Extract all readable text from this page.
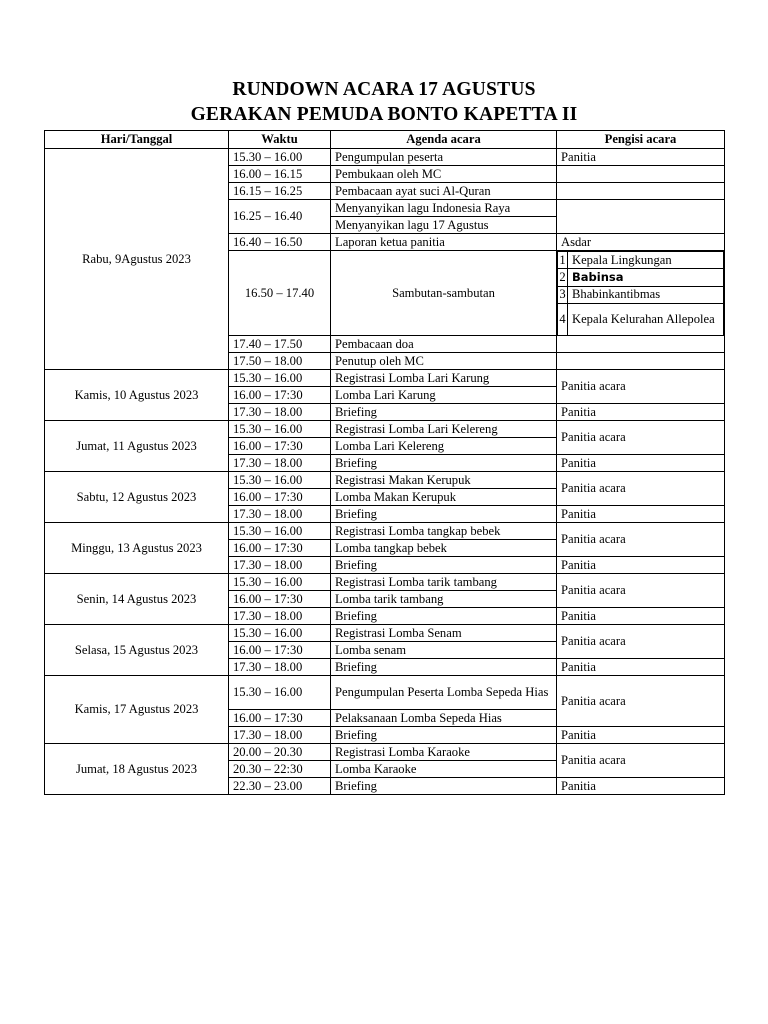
RUNDOWN ACARA 17 AGUSTUS
GERAKAN PEMUDA BONTO KAPETTA II
Hari/Tanggal	Waktu	Agenda acara	Pengisi acara
Rabu, 9Agustus 2023	15.30 – 16.00	Pengumpulan peserta	Panitia
16.00 – 16.15	Pembukaan oleh MC	
16.15 – 16.25	Pembacaan ayat suci Al-Quran	
16.25 – 16.40	Menyanyikan lagu Indonesia Raya	
Menyanyikan lagu 17 Agustus
16.40 – 16.50	Laporan ketua panitia	Asdar
16.50 – 17.40	Sambutan-sambutan	
1	Kepala Lingkungan
2	Babinsa
3	Bhabinkantibmas
4	Kepala Kelurahan Allepolea

17.40 – 17.50	Pembacaan doa	
17.50 – 18.00	Penutup oleh MC	
Kamis, 10 Agustus 2023	15.30 – 16.00	Registrasi Lomba Lari Karung	Panitia acara
16.00 – 17:30	Lomba Lari Karung
17.30 – 18.00	Briefing	Panitia
Jumat, 11 Agustus 2023	15.30 – 16.00	Registrasi Lomba Lari Kelereng	Panitia acara
16.00 – 17:30	Lomba Lari Kelereng
17.30 – 18.00	Briefing	Panitia
Sabtu, 12 Agustus 2023	15.30 – 16.00	Registrasi Makan Kerupuk	Panitia acara
16.00 – 17:30	Lomba Makan Kerupuk
17.30 – 18.00	Briefing	Panitia
Minggu, 13 Agustus 2023	15.30 – 16.00	Registrasi Lomba tangkap bebek	Panitia acara
16.00 – 17:30	Lomba tangkap bebek
17.30 – 18.00	Briefing	Panitia
Senin, 14 Agustus 2023	15.30 – 16.00	Registrasi Lomba tarik tambang	Panitia acara
16.00 – 17:30	Lomba tarik tambang
17.30 – 18.00	Briefing	Panitia
Selasa, 15 Agustus 2023	15.30 – 16.00	Registrasi Lomba Senam	Panitia acara
16.00 – 17:30	Lomba senam
17.30 – 18.00	Briefing	Panitia
Kamis, 17 Agustus 2023	15.30 – 16.00	Pengumpulan Peserta Lomba Sepeda Hias	Panitia acara
16.00 – 17:30	Pelaksanaan Lomba Sepeda Hias
17.30 – 18.00	Briefing	Panitia
Jumat, 18 Agustus 2023	20.00 – 20.30	Registrasi Lomba Karaoke	Panitia acara
20.30 – 22:30	Lomba Karaoke
22.30 – 23.00	Briefing	Panitia
